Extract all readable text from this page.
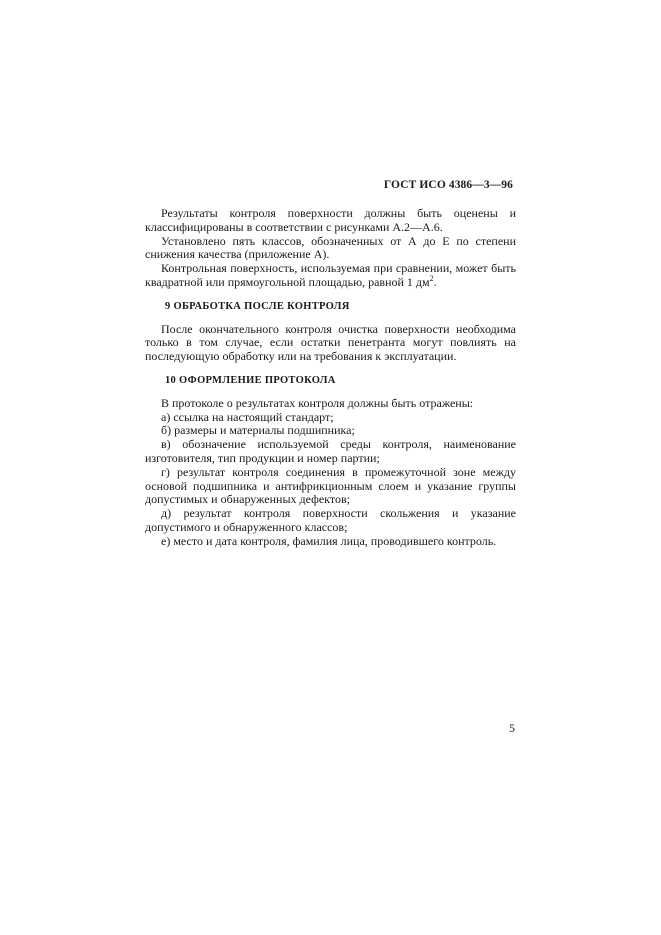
ГОСТ ИСО 4386—3—96

Результаты контроля поверхности должны быть оценены и классифицированы в соответствии с рисунками А.2—А.6.

Установлено пять классов, обозначенных от А до Е по степени снижения качества (приложение А).

Контрольная поверхность, используемая при сравнении, может быть квадратной или прямоугольной площадью, равной 1 $дм^2$.

9 ОБРАБОТКА ПОСЛЕ КОНТРОЛЯ

После окончательного контроля очистка поверхности необходима только в том случае, если остатки пенетранта могут повлиять на последующую обработку или на требования к эксплуатации.

10 ОФОРМЛЕНИЕ ПРОТОКОЛА

В протоколе о результатах контроля должны быть отражены:

а) ссылка на настоящий стандарт;

б) размеры и материалы подшипника;

в) обозначение используемой среды контроля, наименование изготовителя, тип продукции и номер партии;

г) результат контроля соединения в промежуточной зоне между основой подшипника и антифрикционным слоем и указание группы допустимых и обнаруженных дефектов;

д) результат контроля поверхности скольжения и указание допустимого и обнаруженного классов;

е) место и дата контроля, фамилия лица, проводившего контроль.

5
